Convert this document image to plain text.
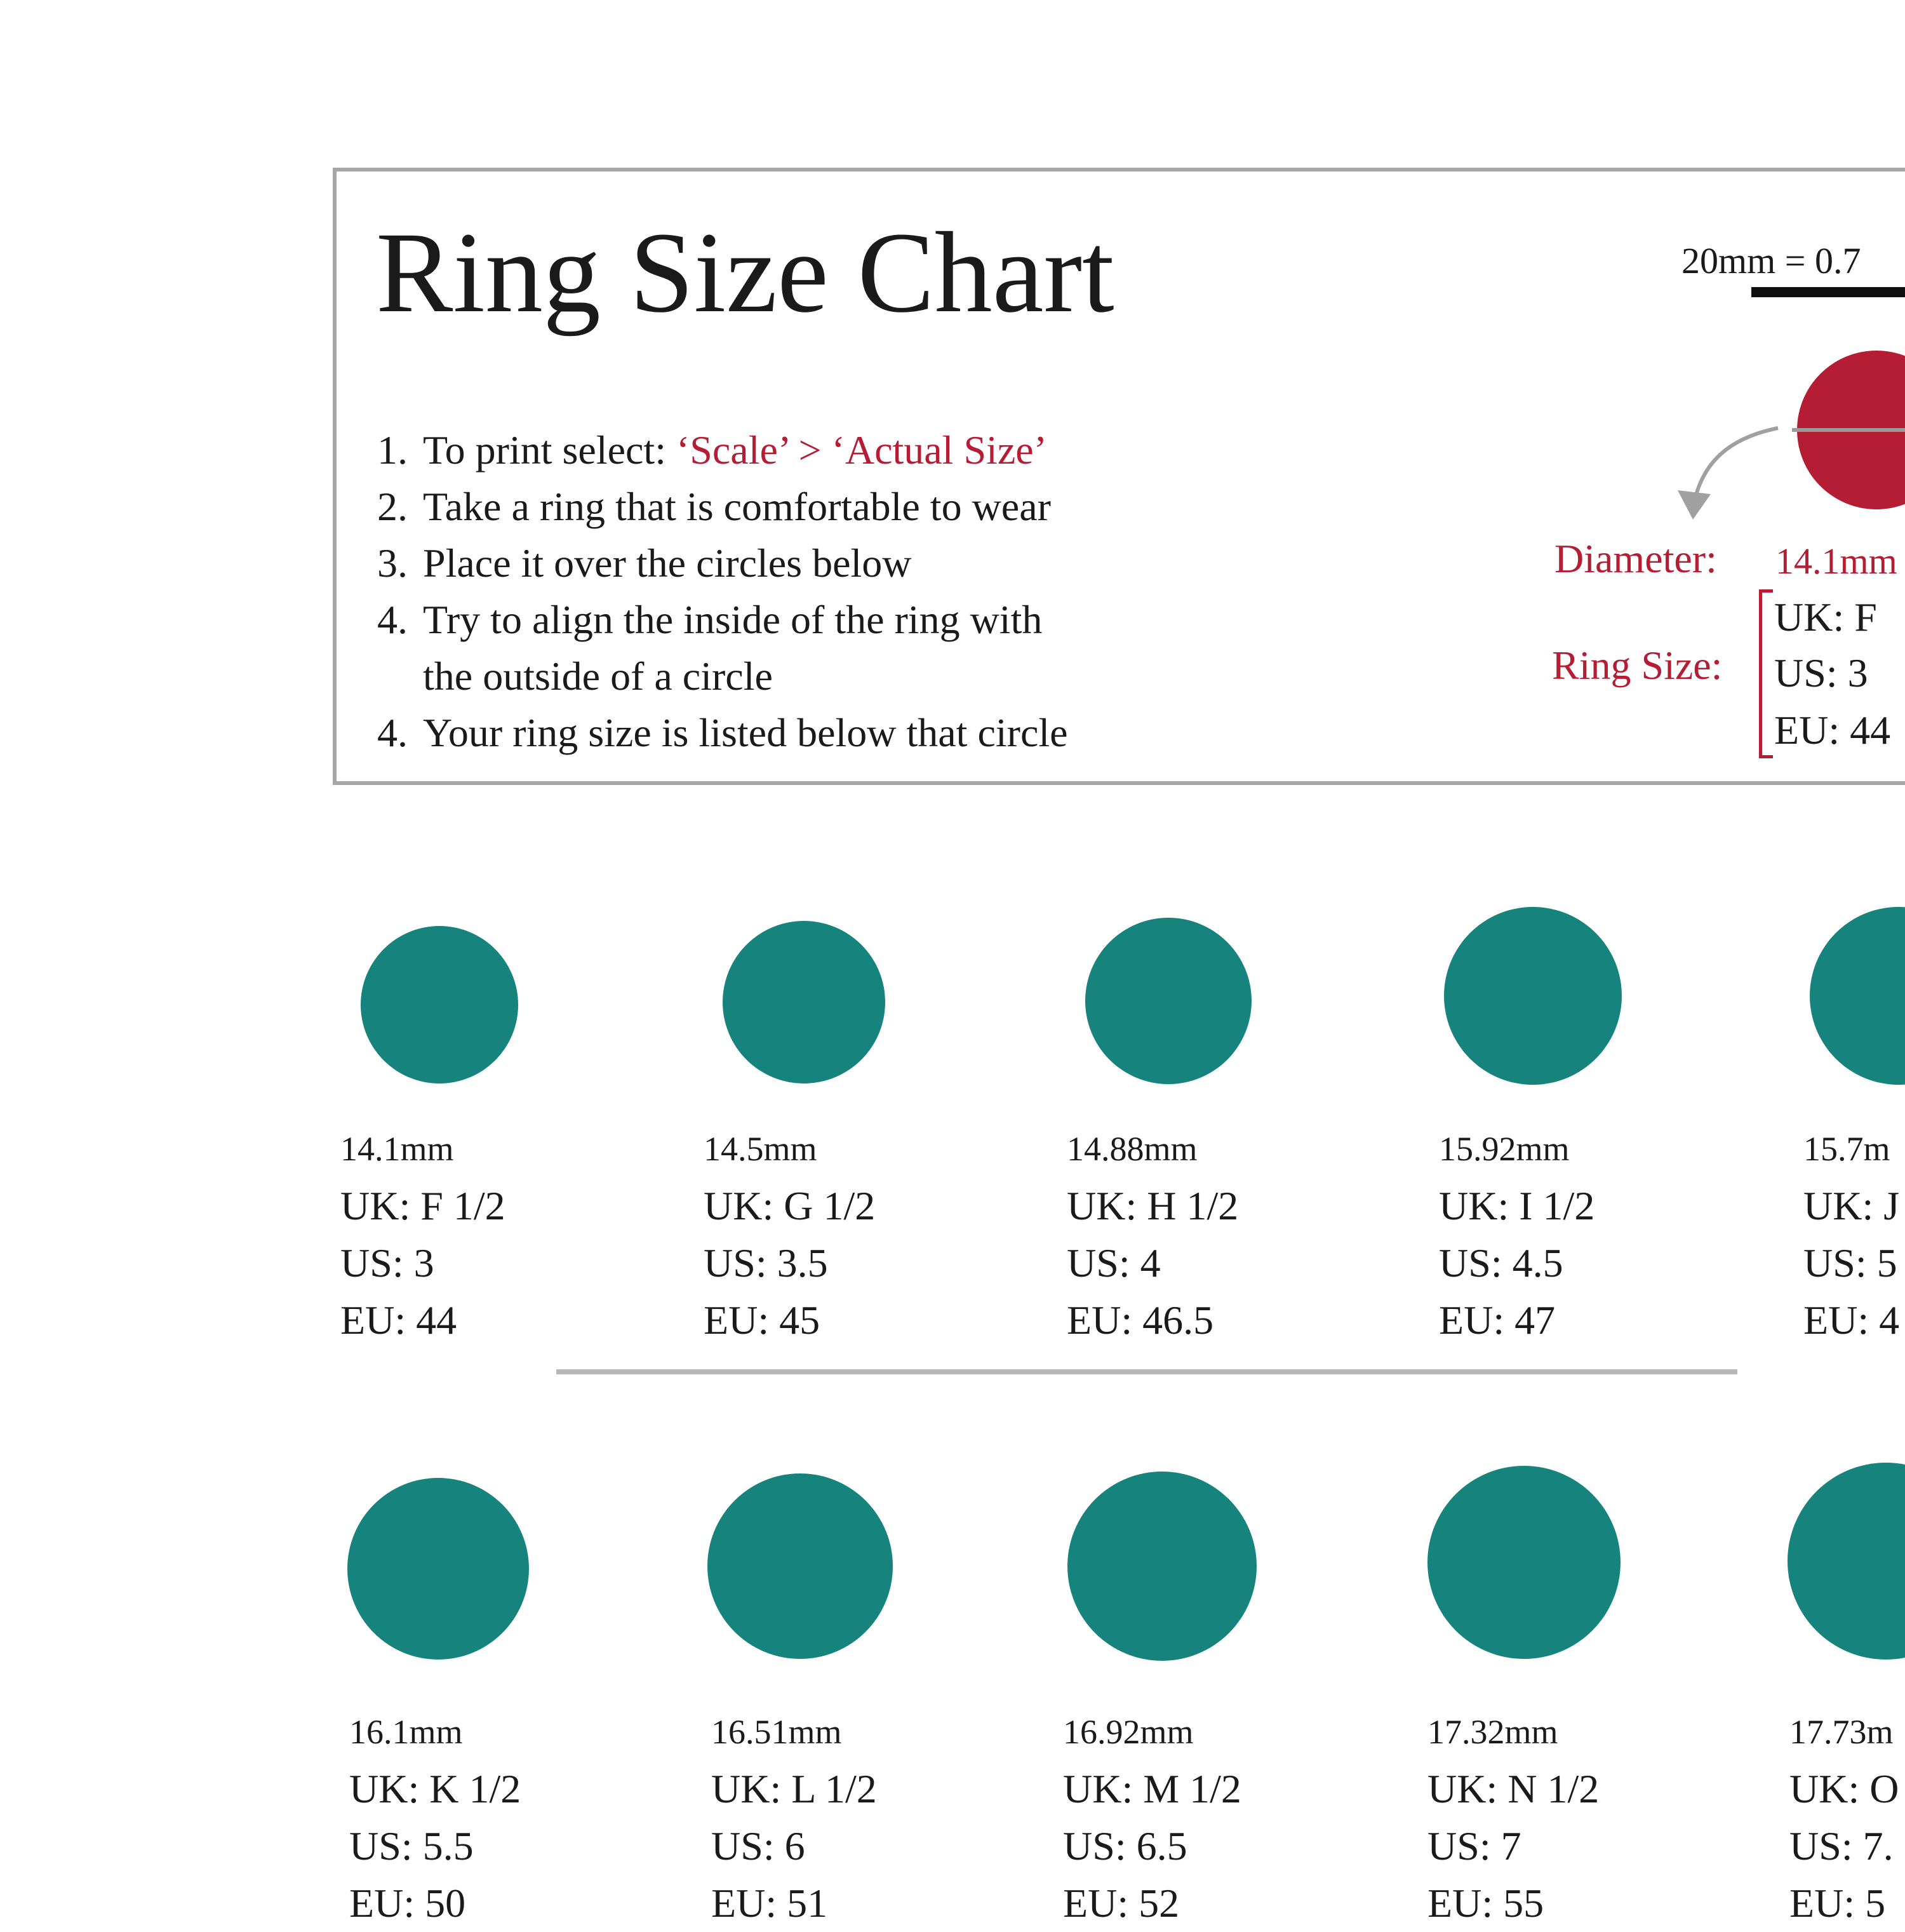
Ring Size Chart
1. To print select: ‘Scale’ > ‘Actual Size’
2. Take a ring that is comfortable to wear
3. Place it over the circles below
4. Try to align the inside of the ring with
the outside of a circle
4. Your ring size is listed below that circle
20mm = 0.7
Diameter: 14.1mm
Ring Size:
UK: F
US: 3
EU: 44
14.1mm
UK: F 1/2
US: 3
EU: 44
14.5mm
UK: G 1/2
US: 3.5
EU: 45
14.88mm
UK: H 1/2
US: 4
EU: 46.5
15.92mm
UK: I 1/2
US: 4.5
EU: 47
15.7m
UK: J
US: 5
EU: 4
16.1mm
UK: K 1/2
US: 5.5
EU: 50
16.51mm
UK: L 1/2
US: 6
EU: 51
16.92mm
UK: M 1/2
US: 6.5
EU: 52
17.32mm
UK: N 1/2
US: 7
EU: 55
17.73m
UK: O
US: 7.
EU: 5
